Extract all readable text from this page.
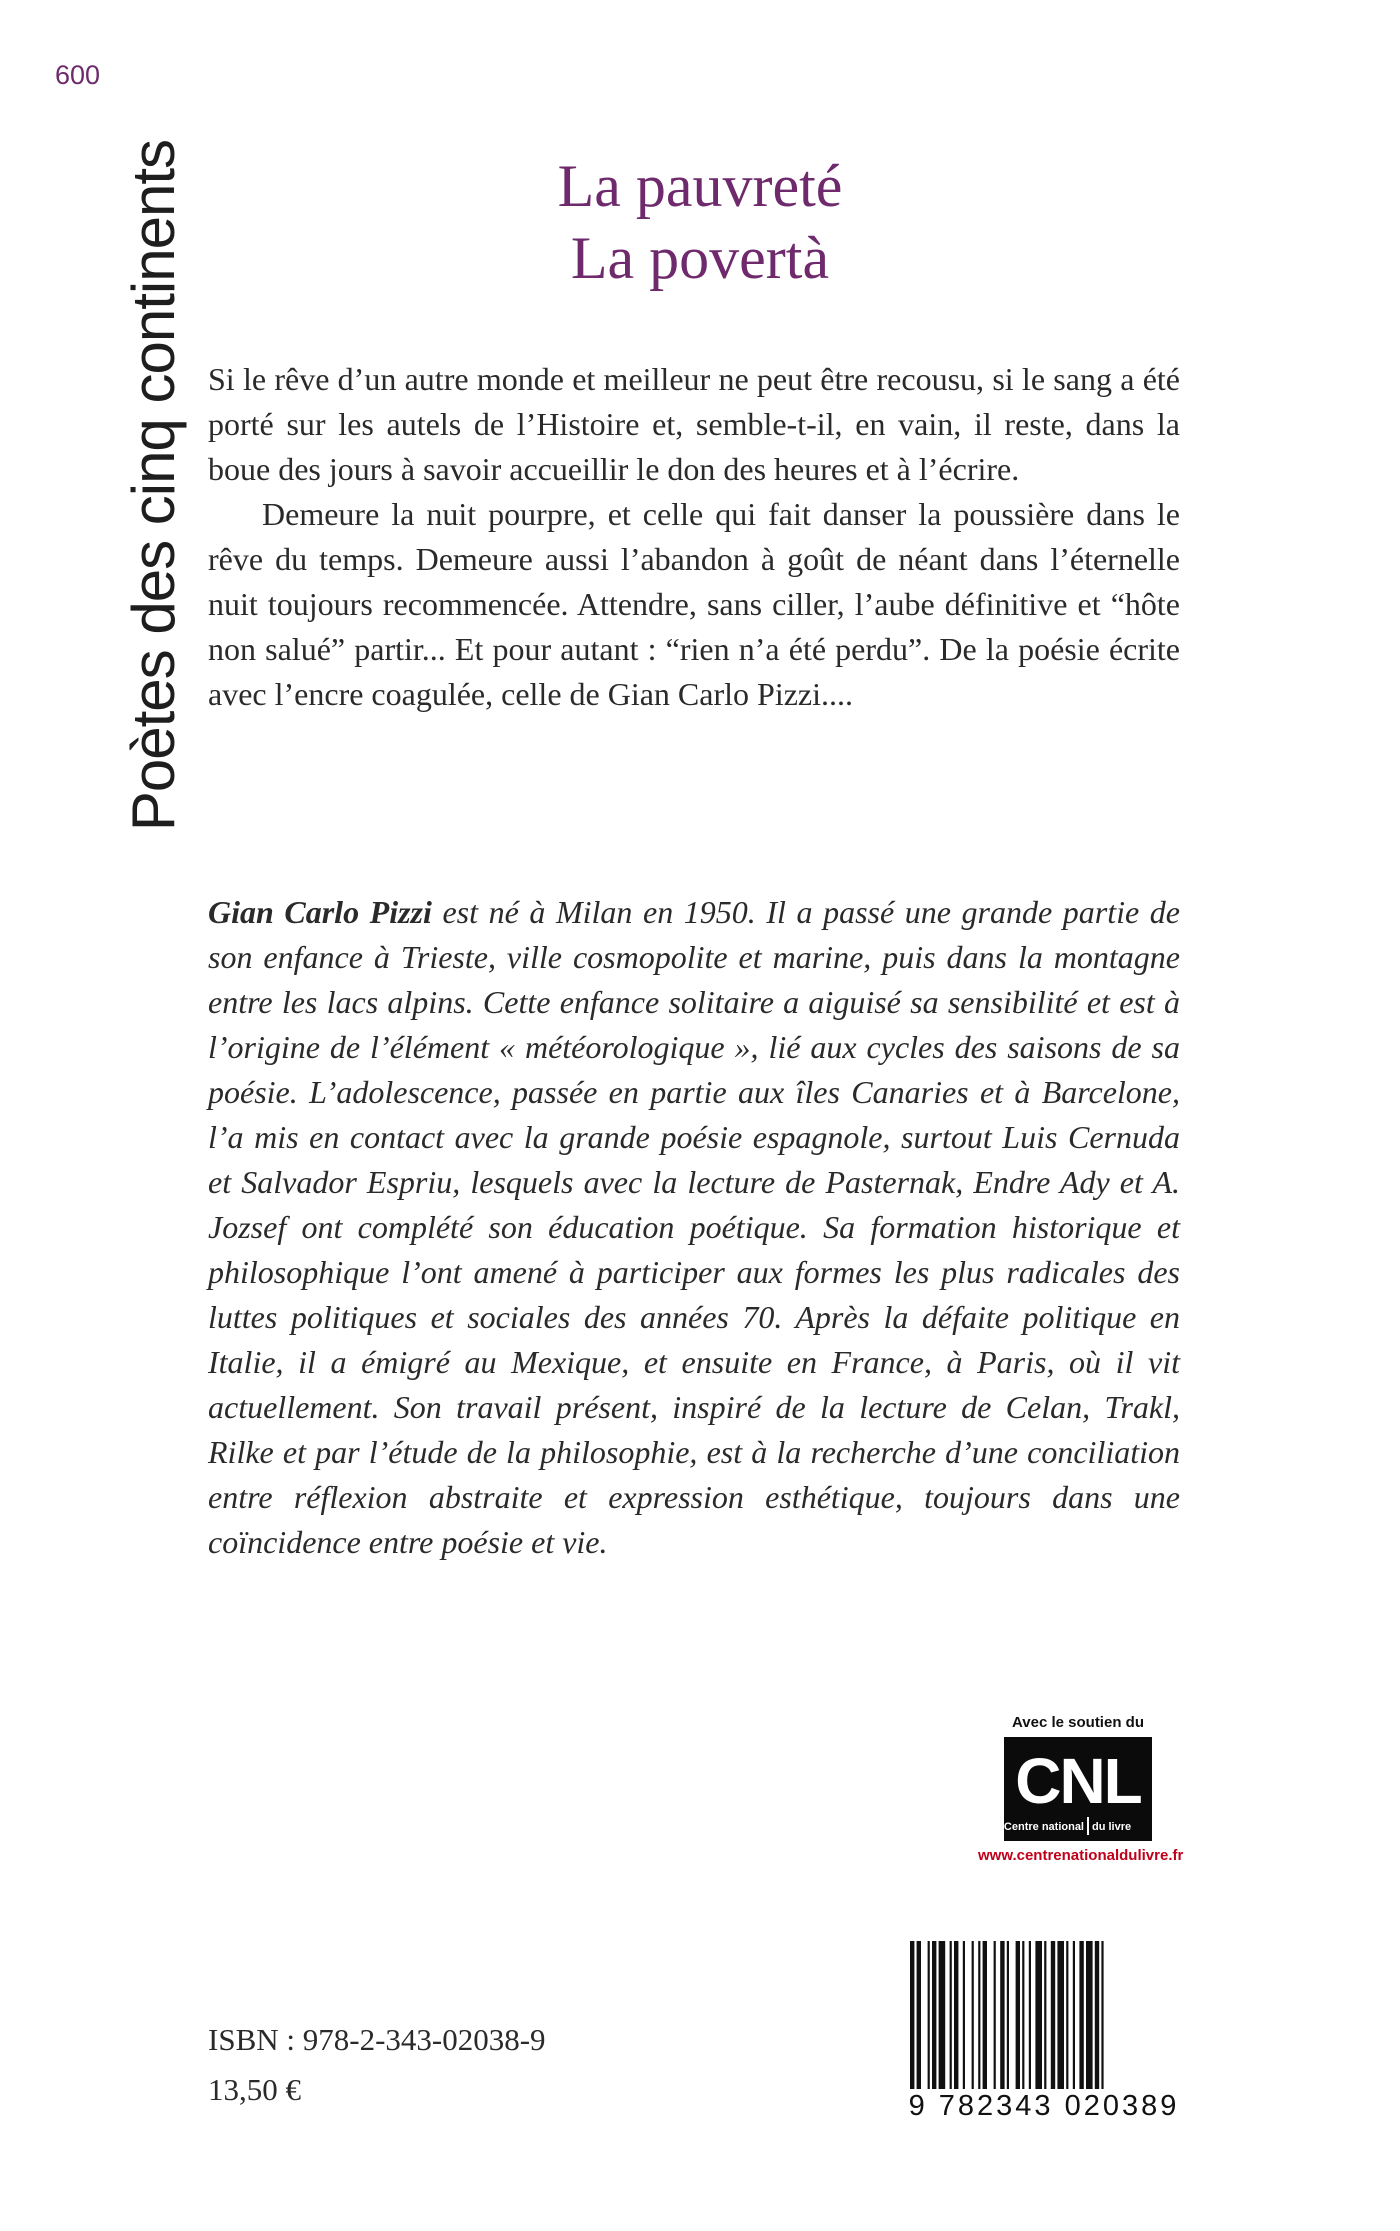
600
Poètes des cinq continents	La pauvreté

La povertà

Si le rêve d’un autre monde et meilleur ne peut être recousu, si le sang a été porté sur les autels de l’Histoire et, semble-t-il, en vain, il reste, dans la boue des jours à savoir accueillir le don des heures et à l’écrire.

Demeure la nuit pourpre, et celle qui fait danser la poussière dans le rêve du temps. Demeure aussi l’abandon à goût de néant dans l’éternelle nuit toujours recommencée. Attendre, sans ciller, l’aube définitive et “hôte non salué” partir... Et pour autant : “rien n’a été perdu”. De la poésie écrite avec l’encre coagulée, celle de Gian Carlo Pizzi....

Gian Carlo Pizzi est né à Milan en 1950. Il a passé une grande partie de son enfance à Trieste, ville cosmopolite et marine, puis dans la montagne entre les lacs alpins. Cette enfance solitaire a aiguisé sa sensibilité et est à l’origine de l’élément « météorologique », lié aux cycles des saisons de sa poésie. L’adolescence, passée en partie aux îles Canaries et à Barcelone, l’a mis en contact avec la grande poésie espagnole, surtout Luis Cernuda et Salvador Espriu, lesquels avec la lecture de Pasternak, Endre Ady et A. Jozsef ont complété son éducation poétique. Sa formation historique et philosophique l’ont amené à participer aux formes les plus radicales des luttes politiques et sociales des années 70. Après la défaite politique en Italie, il a émigré au Mexique, et ensuite en France, à Paris, où il vit actuellement. Son travail présent, inspiré de la lecture de Celan, Trakl, Rilke et par l’étude de la philosophie, est à la recherche d’une conciliation entre réflexion abstraite et expression esthétique, toujours dans une coïncidence entre poésie et vie.

Avec le soutien du

CNL
Centre national du livre

www.centrenationaldulivre.fr

ISBN : 978-2-343-02038-9

13,50 €	9 782343 020389
